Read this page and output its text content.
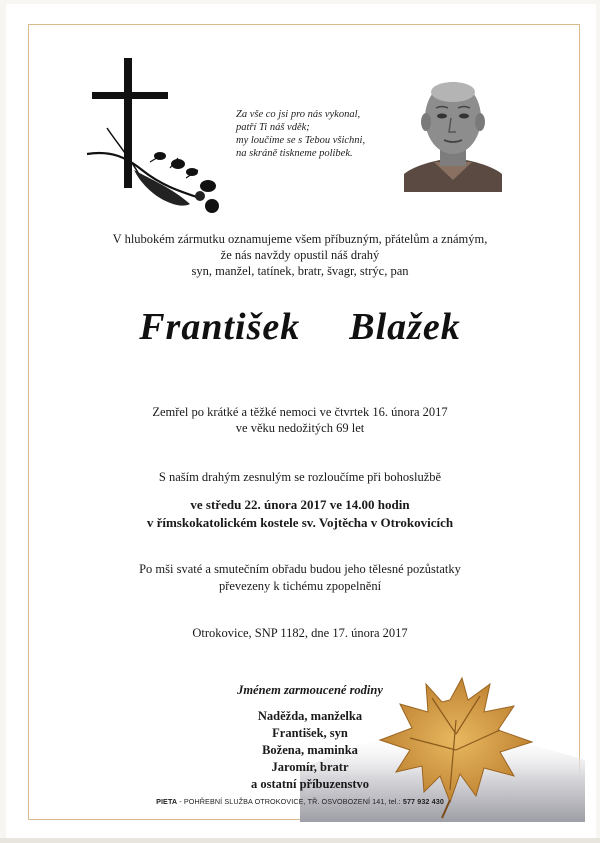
Za vše co jsi pro nás vykonal,
patří Ti náš vděk;
my loučíme se s Tebou všichni,
na skráně tiskneme polibek.
V hlubokém zármutku oznamujeme všem příbuzným, přátelům a známým,
že nás navždy opustil náš drahý
syn, manžel, tatínek, bratr, švagr, strýc, pan
František  Blažek
Zemřel po krátké a těžké nemoci ve čtvrtek 16. února 2017
ve věku nedožitých 69 let
S naším drahým zesnulým se rozloučíme při bohoslužbě
ve středu 22. února 2017 ve 14.00 hodin
v římskokatolickém kostele sv. Vojtěcha v Otrokovicích
Po mši svaté a smutečním obřadu budou jeho tělesné pozůstatky
převezeny k tichému zpopelnění
Otrokovice, SNP 1182, dne 17. února 2017
Jménem zarmoucené rodiny
Naděžda, manželka
František, syn
Božena, maminka
Jaromír, bratr
a ostatní příbuzenstvo
PIETA - POHŘEBNÍ SLUŽBA OTROKOVICE, TŘ. OSVOBOZENÍ 141, tel.: 577 932 430
